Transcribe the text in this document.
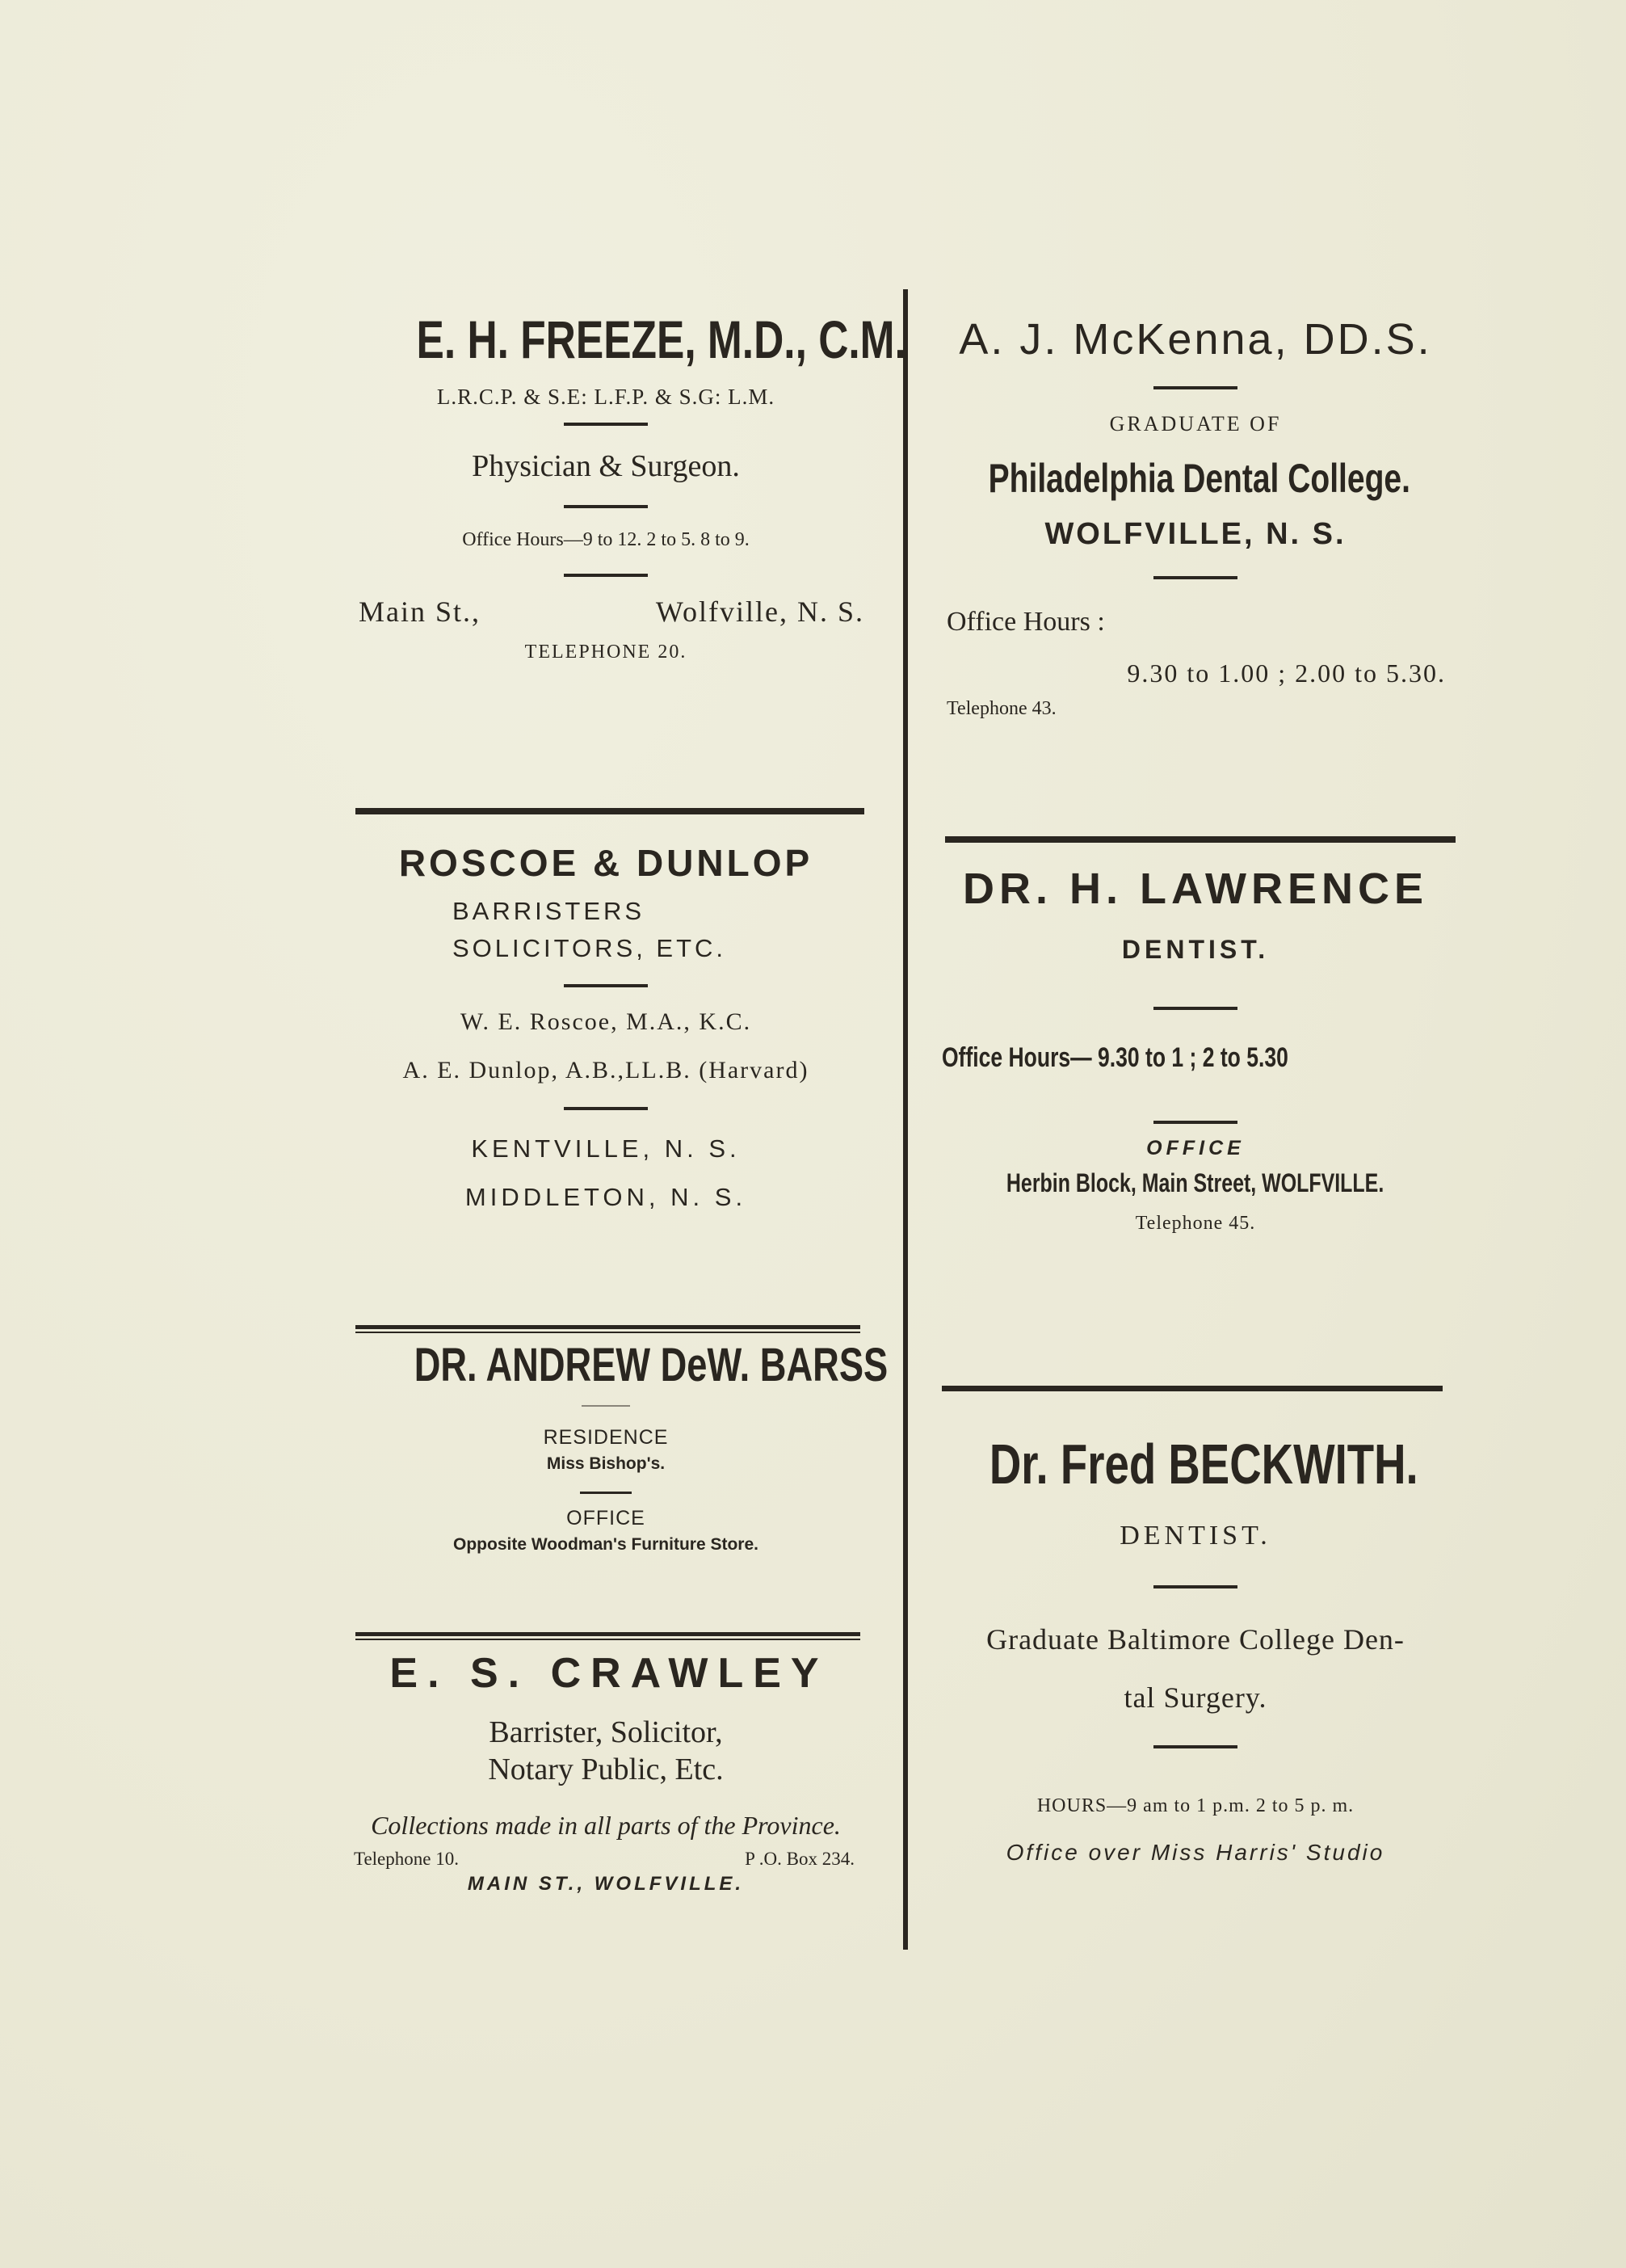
E. H. FREEZE, M.D., C.M.
L.R.C.P. & S.E: L.F.P. & S.G: L.M.
Physician & Surgeon.
Office Hours—9 to 12. 2 to 5. 8 to 9.
Main St.,	Wolfville, N. S.
TELEPHONE 20.
ROSCOE & DUNLOP
BARRISTERS
SOLICITORS, ETC.
W. E. Roscoe, M.A., K.C.
A. E. Dunlop, A.B.,LL.B. (Harvard)
KENTVILLE, N. S.
MIDDLETON, N. S.
DR. ANDREW DeW. BARSS
RESIDENCE
Miss Bishop's.
OFFICE
Opposite Woodman's Furniture Store.
E. S. CRAWLEY
Barrister, Solicitor,
Notary Public, Etc.
Collections made in all parts of the Province.
Telephone 10.	P .O. Box 234.
MAIN ST., WOLFVILLE.
A. J. McKenna, DD.S.
GRADUATE OF
Philadelphia Dental College.
WOLFVILLE, N. S.
Office Hours :
9.30 to 1.00 ; 2.00 to 5.30.
Telephone 43.
DR. H. LAWRENCE
DENTIST.
Office Hours— 9.30 to 1 ; 2 to 5.30
OFFICE
Herbin Block, Main Street, WOLFVILLE.
Telephone 45.
Dr. Fred BECKWITH.
DENTIST.
Graduate Baltimore College Den-
tal Surgery.
HOURS—9 am to 1 p.m. 2 to 5 p. m.
Office over Miss Harris' Studio
